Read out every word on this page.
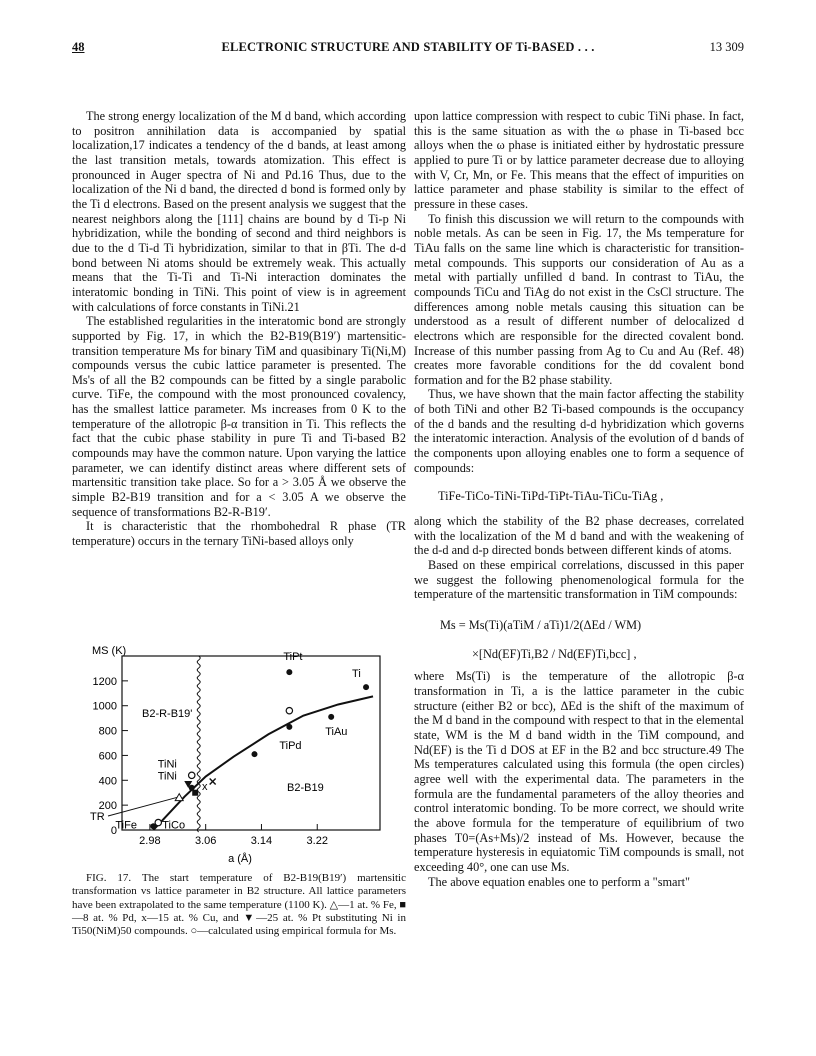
48	ELECTRONIC STRUCTURE AND STABILITY OF Ti-BASED . . .	13 309

The strong energy localization of the M d band, which according to positron annihilation data is accompanied by spatial localization,17 indicates a tendency of the d bands, at least among the last transition metals, towards atomization. This effect is pronounced in Auger spectra of Ni and Pd.16 Thus, due to the localization of the Ni d band, the directed d bond is formed only by the Ti d electrons. Based on the present analysis we suggest that the nearest neighbors along the [111] chains are bound by d Ti-p Ni hybridization, while the bonding of second and third neighbors is due to the d Ti-d Ti hybridization, similar to that in βTi. The d-d bond between Ni atoms should be extremely weak. This actually means that the Ti-Ti and Ti-Ni interaction dominates the interatomic bonding in TiNi. This point of view is in agreement with calculations of force constants in TiNi.21

The established regularities in the interatomic bond are strongly supported by Fig. 17, in which the B2-B19(B19′) martensitic-transition temperature Ms for binary TiM and quasibinary Ti(Ni,M) compounds versus the cubic lattice parameter is presented. The Ms's of all the B2 compounds can be fitted by a single parabolic curve. TiFe, the compound with the most pronounced covalency, has the smallest lattice parameter. Ms increases from 0 K to the temperature of the allotropic β-α transition in Ti. This reflects the fact that the cubic phase stability in pure Ti and Ti-based B2 compounds may have the common nature. Upon varying the lattice parameter, we can identify distinct areas where different sets of martensitic transition take place. So for a > 3.05 Å we observe the simple B2-B19 transition and for a < 3.05 A we observe the sequence of transformations B2-R-B19′.

It is characteristic that the rhombohedral R phase (TR temperature) occurs in the ternary TiNi-based alloys only

MS (K)
a (Å)
B2-R-B19'
B2-B19
TR
x
0
200
400
600
800
1000
1200
2.98	3.06	3.14	3.22
TiPt
Ti
TiAu
TiPd
TiNi
TiFe
TiNi
TiCo
FIG. 17. The start temperature of B2-B19(B19′) martensitic transformation vs lattice parameter in B2 structure. All lattice parameters have been extrapolated to the same temperature (1100 K). △—1 at. % Fe, ■—8 at. % Pd, x—15 at. % Cu, and ▼—25 at. % Pt substituting Ni in Ti50(NiM)50 compounds. ○—calculated using empirical formula for Ms.

upon lattice compression with respect to cubic TiNi phase. In fact, this is the same situation as with the ω phase in Ti-based bcc alloys when the ω phase is initiated either by hydrostatic pressure applied to pure Ti or by lattice parameter decrease due to alloying with V, Cr, Mn, or Fe. This means that the effect of impurities on lattice parameter and phase stability is similar to the effect of pressure in these cases.

To finish this discussion we will return to the compounds with noble metals. As can be seen in Fig. 17, the Ms temperature for TiAu falls on the same line which is characteristic for transition-metal compounds. This supports our consideration of Au as a metal with partially unfilled d band. In contrast to TiAu, the compounds TiCu and TiAg do not exist in the CsCl structure. The differences among noble metals causing this situation can be understood as a result of different number of delocalized d electrons which are responsible for the directed covalent bond. Increase of this number passing from Ag to Cu and Au (Ref. 48) creates more favorable conditions for the dd covalent bond formation and for the B2 phase stability.

Thus, we have shown that the main factor affecting the stability of both TiNi and other B2 Ti-based compounds is the occupancy of the d bands and the resulting d-d hybridization which governs the interatomic interaction. Analysis of the evolution of d bands of the components upon alloying enables one to form a sequence of compounds:

TiFe-TiCo-TiNi-TiPd-TiPt-TiAu-TiCu-TiAg ,

along which the stability of the B2 phase decreases, correlated with the localization of the M d band and with the weakening of the d-d and d-p directed bonds between different kinds of atoms.

Based on these empirical correlations, discussed in this paper we suggest the following phenomenological formula for the temperature of the martensitic transformation in TiM compounds:

Ms = Ms(Ti)(aTiM / aTi)1/2(ΔEd / WM)
×[Nd(EF)Ti,B2 / Nd(EF)Ti,bcc] ,

where Ms(Ti) is the temperature of the allotropic β-α transformation in Ti, a is the lattice parameter in the cubic structure (either B2 or bcc), ΔEd is the shift of the maximum of the M d band in the compound with respect to that in the elemental state, WM is the M d band width in the TiM compound, and Nd(EF) is the Ti d DOS at EF in the B2 and bcc structure.49 The Ms temperatures calculated using this formula (the open circles) agree well with the experimental data. The parameters in the formula are the fundamental parameters of the alloy theories and control interatomic bonding. To be more correct, we should write the above formula for the temperature of equilibrium of two phases T0=(As+Ms)/2 instead of Ms. However, because the temperature hysteresis in equiatomic TiM compounds is small, not exceeding 40°, one can use Ms.

The above equation enables one to perform a "smart"
